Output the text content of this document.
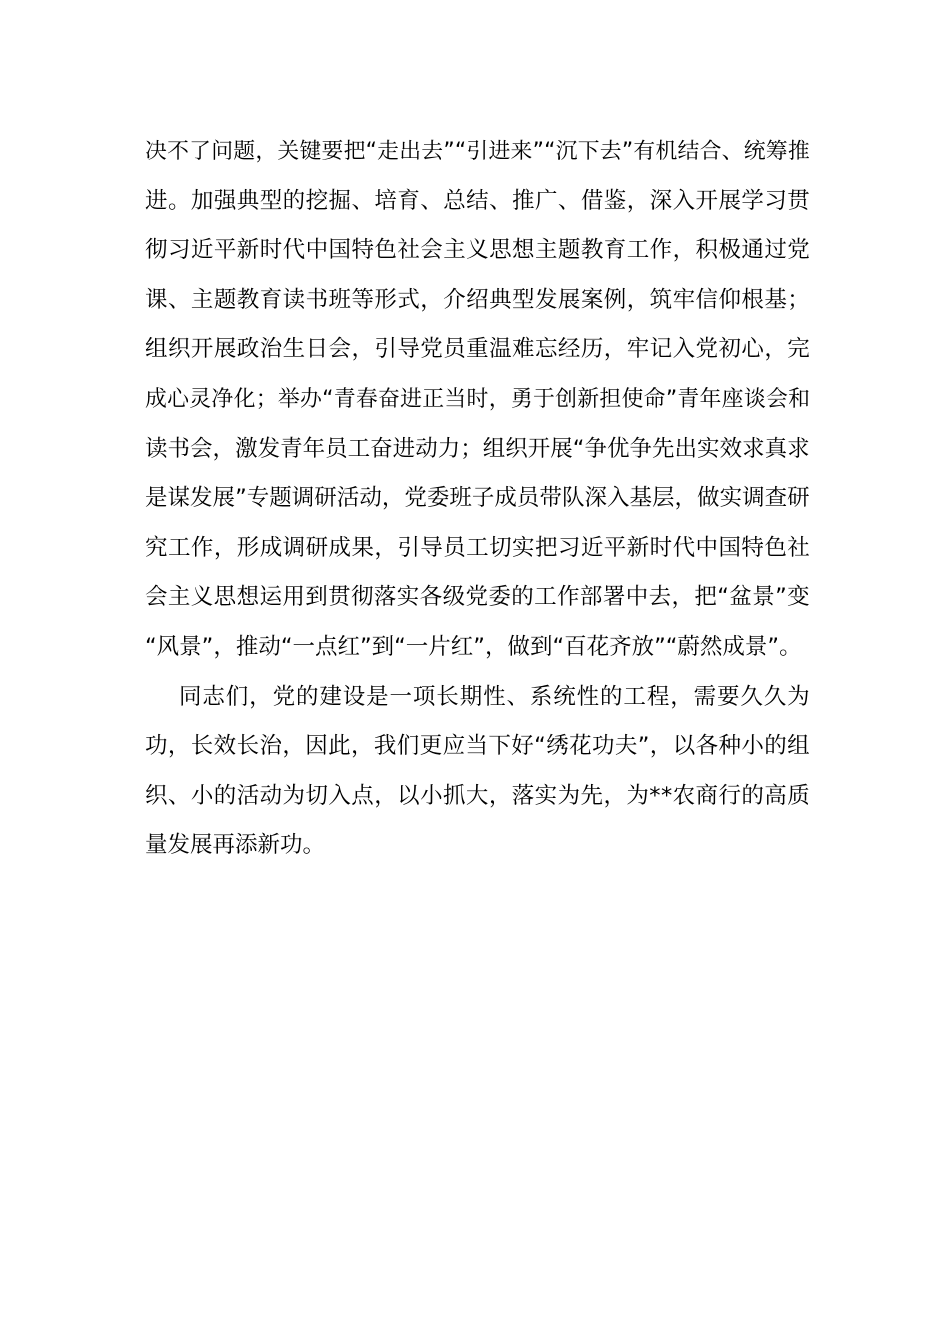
决 不 了 问 题 ， 关 键 要 把 “ 走 出 去 ” “ 引 进 来 ” “ 沉 下 去 ” 有 机 结 合 、 统 筹 推
进 。 加 强 典 型 的 挖 掘 、 培 育 、 总 结 、 推 广 、 借 鉴 ， 深 入 开 展 学 习 贯
彻 习 近 平 新 时 代 中 国 特 色 社 会 主 义 思 想 主 题 教 育 工 作 ， 积 极 通 过 党
课 、 主 题 教 育 读 书 班 等 形 式 ， 介 绍 典 型 发 展 案 例 ， 筑 牢 信 仰 根 基 ；
组 织 开 展 政 治 生 日 会 ， 引 导 党 员 重 温 难 忘 经 历 ， 牢 记 入 党 初 心 ， 完
成 心 灵 净 化 ； 举 办 “ 青 春 奋 进 正 当 时 ， 勇 于 创 新 担 使 命 ” 青 年 座 谈 会 和
读 书 会 ， 激 发 青 年 员 工 奋 进 动 力 ； 组 织 开 展 “ 争 优 争 先 出 实 效 求 真 求
是 谋 发 展 ” 专 题 调 研 活 动 ， 党 委 班 子 成 员 带 队 深 入 基 层 ， 做 实 调 查 研
究 工 作 ， 形 成 调 研 成 果 ， 引 导 员 工 切 实 把 习 近 平 新 时 代 中 国 特 色 社
会 主 义 思 想 运 用 到 贯 彻 落 实 各 级 党 委 的 工 作 部 署 中 去 ， 把 “ 盆 景 ” 变
“风景”，推动“一点红”到“一片红”，做到“百花齐放”“蔚然成景”。
同 志 们 ， 党 的 建 设 是 一 项 长 期 性 、 系 统 性 的 工 程 ， 需 要 久 久 为
功 ， 长 效 长 治 ， 因 此 ， 我 们 更 应 当 下 好 “ 绣 花 功 夫 ” ， 以 各 种 小 的 组
织 、 小 的 活 动 为 切 入 点 ， 以 小 抓 大 ， 落 实 为 先 ， 为 * * 农 商 行 的 高 质
量发展再添新功。
